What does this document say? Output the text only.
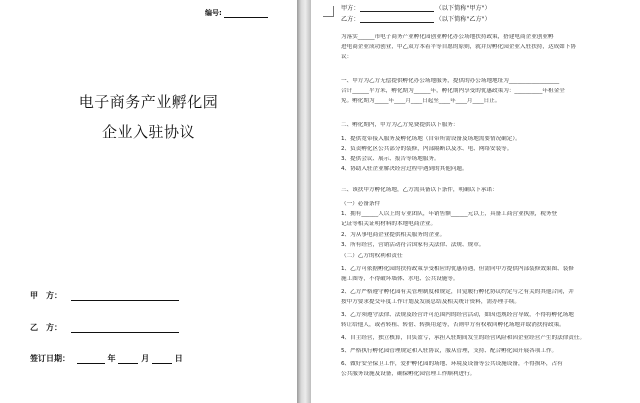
编号:
电子商务产业孵化园
企业入驻协议
甲　方：
乙　方：
签订日期：	年	月	日
甲方：	（以下简称"甲方"）
乙方：	（以下简称"乙方"）
为落实______市电子商务产业孵化园创业孵化办公场地扶持政策，搭建电商企业创业孵
进电商企业成功创业，甲乙双方本着平等自愿的原则，就并房孵化园企业入驻扶持，达成如下协
议：
一、甲方为乙方无偿提供孵化办公场地服务，提供的办公场地地址为__________________
合计______平方米，孵化期为______年，孵化期内享受的优惠政策为：__________年租金全
免。孵化期为_____年____月____日起至____年____月____日止。
二、孵化期内，甲方为乙方免费提供以下服务：
1、提供宽带接入服务及孵化场地（自带所需设备及场地需要情况确定）。
2、负责孵化区公共部分的装修，内部隔断以及水、电、网络安装等。
3、提供会议、展示、报告等场地服务。
4、协助入驻企业解决经营过程中遇到的其他问题。
三、该扶甲方孵化场地，乙方需具备以下条件，明确以下承诺：
（一）必备条件
1、拥有______人以上的专业团队，年销售额______元以上，具备工商营业执照，税务登
记证等相关证明材料的本地电商企业。
2、为从事电商企业提供相关服务的企业。
3、所有经营，营销活动符合国家有关法律、法规、规章。
（二）乙方的权利和责任
1、乙方可依据孵化园的扶持政策享受相应的优惠待遇，但需向甲方提供内部装修效果图、装修
施工图等，不得破坏墙体、水电、公共设施等。
2、乙方严格遵守孵化园有关管理制度和规定，自觉履行孵化协议约定与之有关的其他合同，并
按甲方要求提交年度工作计划及发展总结及相关统计资料，需办理手续。
3、乙方须遵守法律、法规及经营许可范围内的经营活动，如因违规经营导致，不得将孵化场地
转让给他人，或者转租、转借、转换用途等，否则甲方有权收回孵化场地并取消扶持政策。
4、自主经营，独立核算，自负盈亏，承担入驻期间发生的经营风险和因企业经营产生的法律责任。
5、严格执行孵化园管理规定和入驻协议，服从管理，支持、配合孵化园开展各项工作。
6、做好安全保卫工作，爱护孵化园的场地、环境及设备等公共设施设备，不得损坏，占有
公共服务设施及设备，确保孵化园管理工作顺利进行。
